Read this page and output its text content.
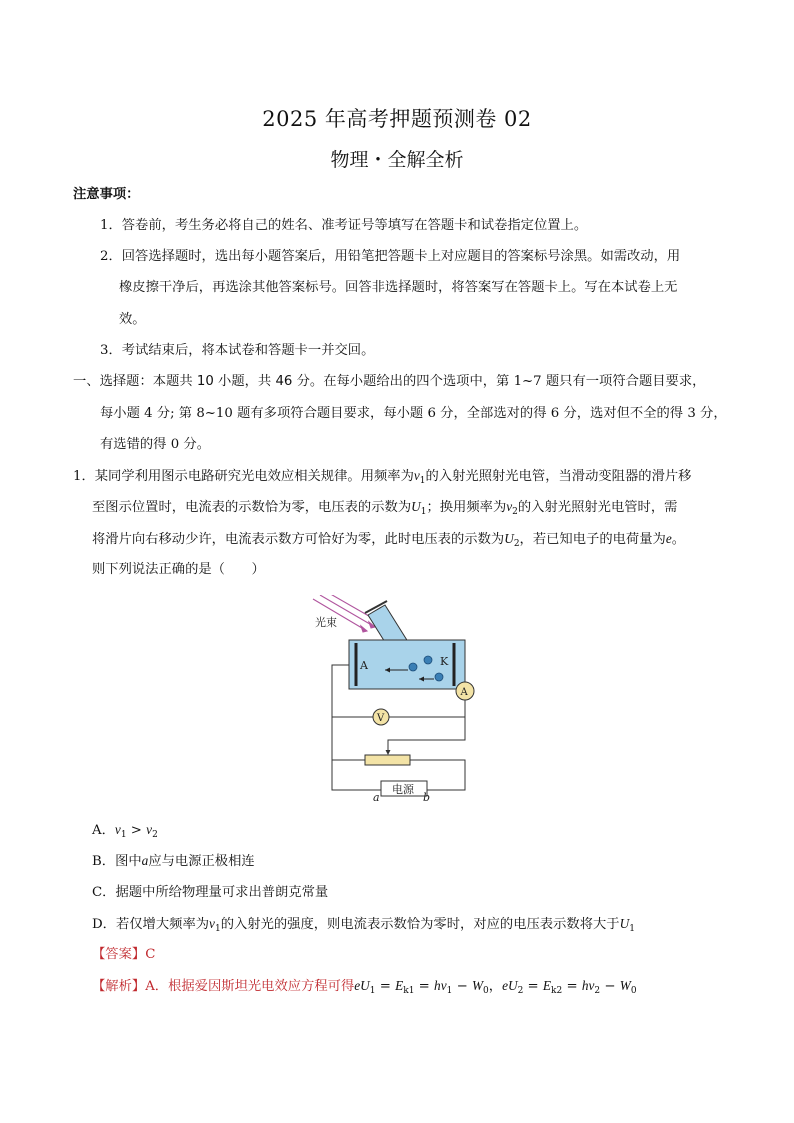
2025 年高考押题预测卷 02
物理・全解全析
注意事项：
1．答卷前，考生务必将自己的姓名、准考证号等填写在答题卡和试卷指定位置上。
2．回答选择题时，选出每小题答案后，用铅笔把答题卡上对应题目的答案标号涂黑。如需改动，用
橡皮擦干净后，再选涂其他答案标号。回答非选择题时，将答案写在答题卡上。写在本试卷上无
效。
3．考试结束后，将本试卷和答题卡一并交回。
一、选择题：本题共 10 小题，共 46 分。在每小题给出的四个选项中，第 1~7 题只有一项符合题目要求，
每小题 4 分; 第 8~10 题有多项符合题目要求，每小题 6 分，全部选对的得 6 分，选对但不全的得 3 分，
有选错的得 0 分。
1．某同学利用图示电路研究光电效应相关规律。用频率为$\nu_1$的入射光照射光电管，当滑动变阻器的滑片移
至图示位置时，电流表的示数恰为零，电压表的示数为$U_1$；换用频率为$\nu_2$的入射光照射光电管时，需
将滑片向右移动少许，电流表示数方可恰好为零，此时电压表的示数为$U_2$，若已知电子的电荷量为e。
则下列说法正确的是（　　）
光束
A	K
A
V
电源
a	b
A．$\nu_1 > \nu_2$
B．图中a应与电源正极相连
C．据题中所给物理量可求出普朗克常量
D．若仅增大频率为$\nu_1$的入射光的强度，则电流表示数恰为零时，对应的电压表示数将大于$U_1$
【答案】C
【解析】A．根据爱因斯坦光电效应方程可得$eU_1 = E_{k1} = h\nu_1 - W_0$，$eU_2 = E_{k2} = h\nu_2 - W_0$
